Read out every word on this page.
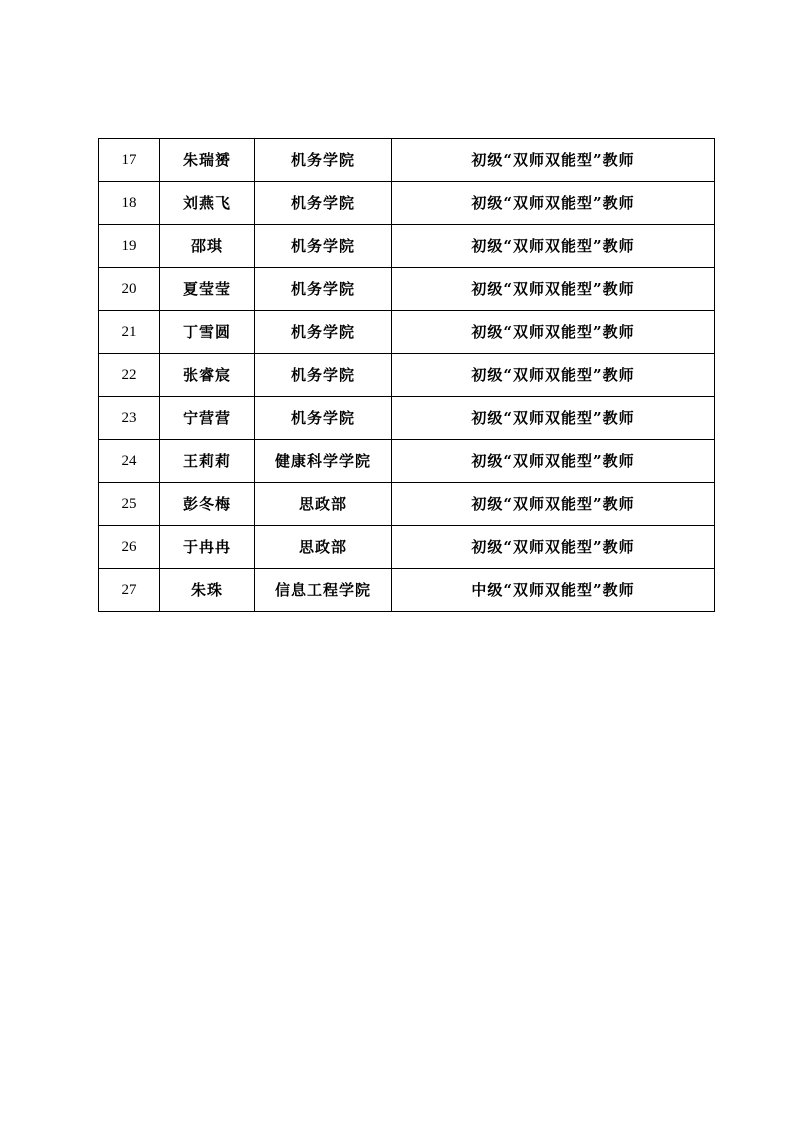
17	朱瑞赟	机务学院	初级“双师双能型”教师
18	刘燕飞	机务学院	初级“双师双能型”教师
19	邵琪	机务学院	初级“双师双能型”教师
20	夏莹莹	机务学院	初级“双师双能型”教师
21	丁雪圆	机务学院	初级“双师双能型”教师
22	张睿宸	机务学院	初级“双师双能型”教师
23	宁营营	机务学院	初级“双师双能型”教师
24	王莉莉	健康科学学院	初级“双师双能型”教师
25	彭冬梅	思政部	初级“双师双能型”教师
26	于冉冉	思政部	初级“双师双能型”教师
27	朱珠	信息工程学院	中级“双师双能型”教师
